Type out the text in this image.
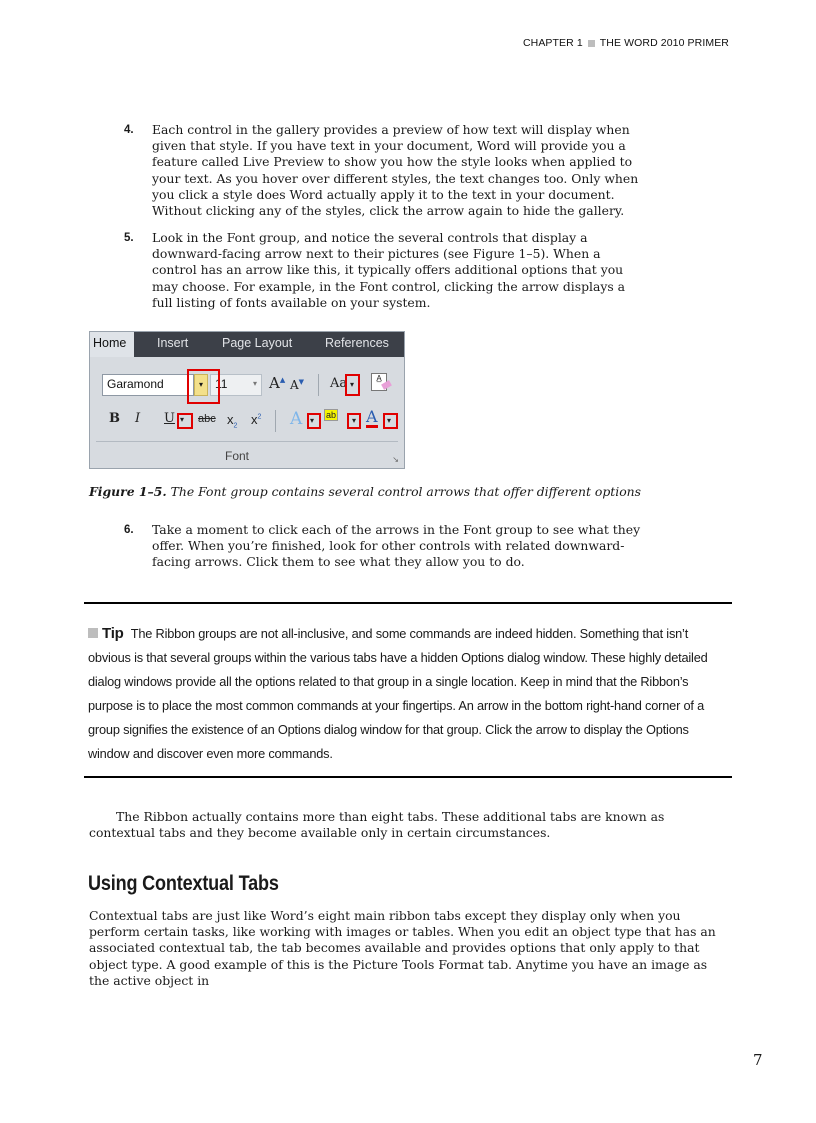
CHAPTER 1 THE WORD 2010 PRIMER
4. Each control in the gallery provides a preview of how text will display when given that style. If you have text in your document, Word will provide you a feature called Live Preview to show you how the style looks when applied to your text. As you hover over different styles, the text changes too. Only when you click a style does Word actually apply it to the text in your document. Without clicking any of the styles, click the arrow again to hide the gallery.
5. Look in the Font group, and notice the several controls that display a downward-facing arrow next to their pictures (see Figure 1–5). When a control has an arrow like this, it typically offers additional options that you may choose. For example, in the Font control, clicking the arrow displays a full listing of fonts available on your system.
Home	Insert	Page Layout	References
Garamond	▾	11	▾ A▲ A▼ Aa ▾
A̲
B I U ▾ abc $x_2$ $x^2$ A ▾
ab
▾ A ▾
Font	↘
Figure 1–5. The Font group contains several control arrows that offer different options
6. Take a moment to click each of the arrows in the Font group to see what they offer. When you’re finished, look for other controls with related downward-facing arrows. Click them to see what they allow you to do.
Tip The Ribbon groups are not all-inclusive, and some commands are indeed hidden. Something that isn’t obvious is that several groups within the various tabs have a hidden Options dialog window. These highly detailed dialog windows provide all the options related to that group in a single location. Keep in mind that the Ribbon’s purpose is to place the most common commands at your fingertips. An arrow in the bottom right-hand corner of a group signifies the existence of an Options dialog window for that group. Click the arrow to display the Options window and discover even more commands.
The Ribbon actually contains more than eight tabs. These additional tabs are known as contextual tabs and they become available only in certain circumstances.
Using Contextual Tabs
Contextual tabs are just like Word’s eight main ribbon tabs except they display only when you perform certain tasks, like working with images or tables. When you edit an object type that has an associated contextual tab, the tab becomes available and provides options that only apply to that object type. A good example of this is the Picture Tools Format tab. Anytime you have an image as the active object in
7
